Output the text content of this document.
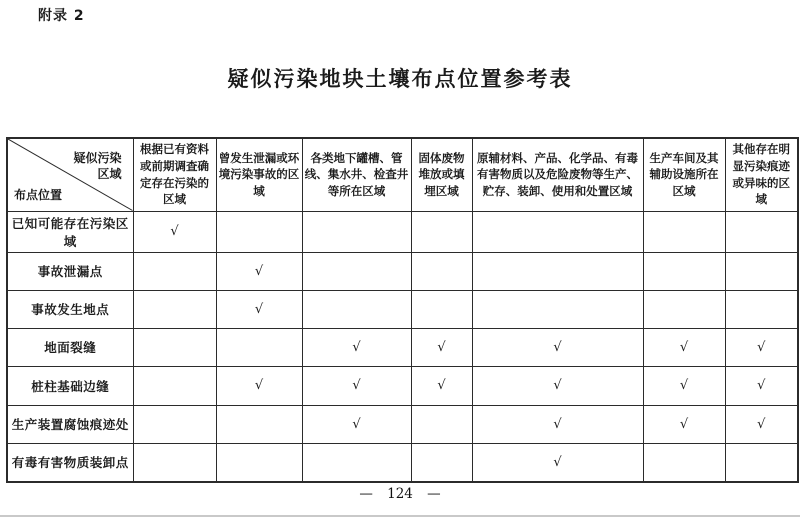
附录 2
疑似污染地块土壤布点位置参考表
疑似污染
区域
布点位置	根据已有资料或前期调查确定存在污染的区域	曾发生泄漏或环境污染事故的区域	各类地下罐槽、管线、集水井、检查井等所在区域	固体废物堆放或填埋区域	原辅材料、产品、化学品、有毒有害物质以及危险废物等生产、贮存、装卸、使用和处置区域	生产车间及其辅助设施所在区域	其他存在明显污染痕迹或异味的区域
已知可能存在污染区域	√						
事故泄漏点		√					
事故发生地点		√					
地面裂缝			√	√	√	√	√
桩柱基础边缝		√	√	√	√	√	√
生产装置腐蚀痕迹处			√		√	√	√
有毒有害物质装卸点					√		
— 124 —
